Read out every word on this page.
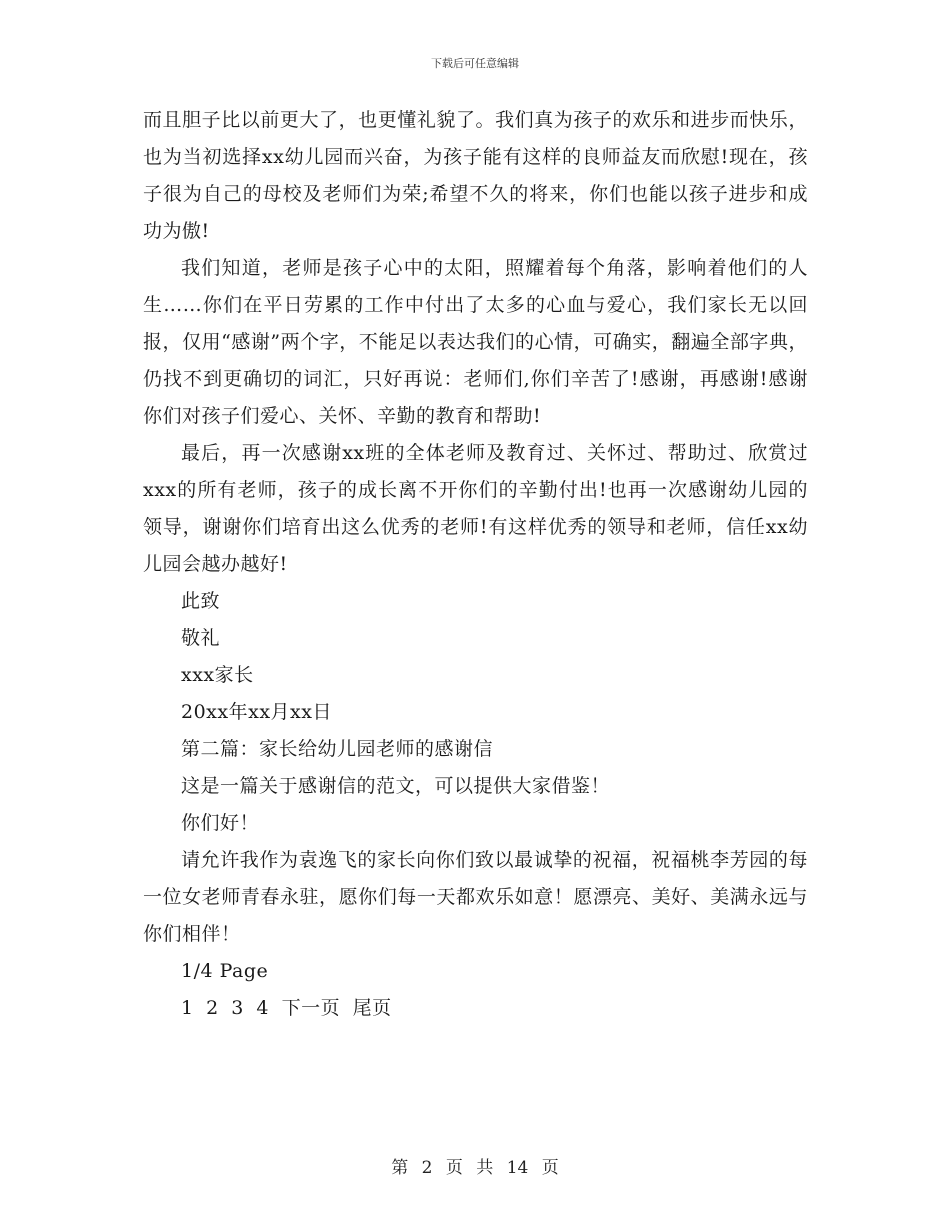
下载后可任意编辑

而且胆子比以前更大了，也更懂礼貌了。我们真为孩子的欢乐和进步而快乐，也为当初选择xx幼儿园而兴奋，为孩子能有这样的良师益友而欣慰!现在，孩子很为自己的母校及老师们为荣;希望不久的将来，你们也能以孩子进步和成功为傲!

我们知道，老师是孩子心中的太阳，照耀着每个角落，影响着他们的人生……你们在平日劳累的工作中付出了太多的心血与爱心，我们家长无以回报，仅用“感谢”两个字，不能足以表达我们的心情，可确实，翻遍全部字典，仍找不到更确切的词汇，只好再说：老师们,你们辛苦了!感谢，再感谢!感谢你们对孩子们爱心、关怀、辛勤的教育和帮助!

最后，再一次感谢xx班的全体老师及教育过、关怀过、帮助过、欣赏过xxx的所有老师，孩子的成长离不开你们的辛勤付出!也再一次感谢幼儿园的领导，谢谢你们培育出这么优秀的老师!有这样优秀的领导和老师，信任xx幼儿园会越办越好!

此致

敬礼

xxx家长

20xx年xx月xx日

第二篇：家长给幼儿园老师的感谢信

这是一篇关于感谢信的范文，可以提供大家借鉴！

你们好！

请允许我作为袁逸飞的家长向你们致以最诚挚的祝福，祝福桃李芳园的每一位女老师青春永驻，愿你们每一天都欢乐如意！愿漂亮、美好、美满永远与你们相伴！

1/4 Page

1 2 3 4 下一页 尾页

第 2 页 共 14 页
